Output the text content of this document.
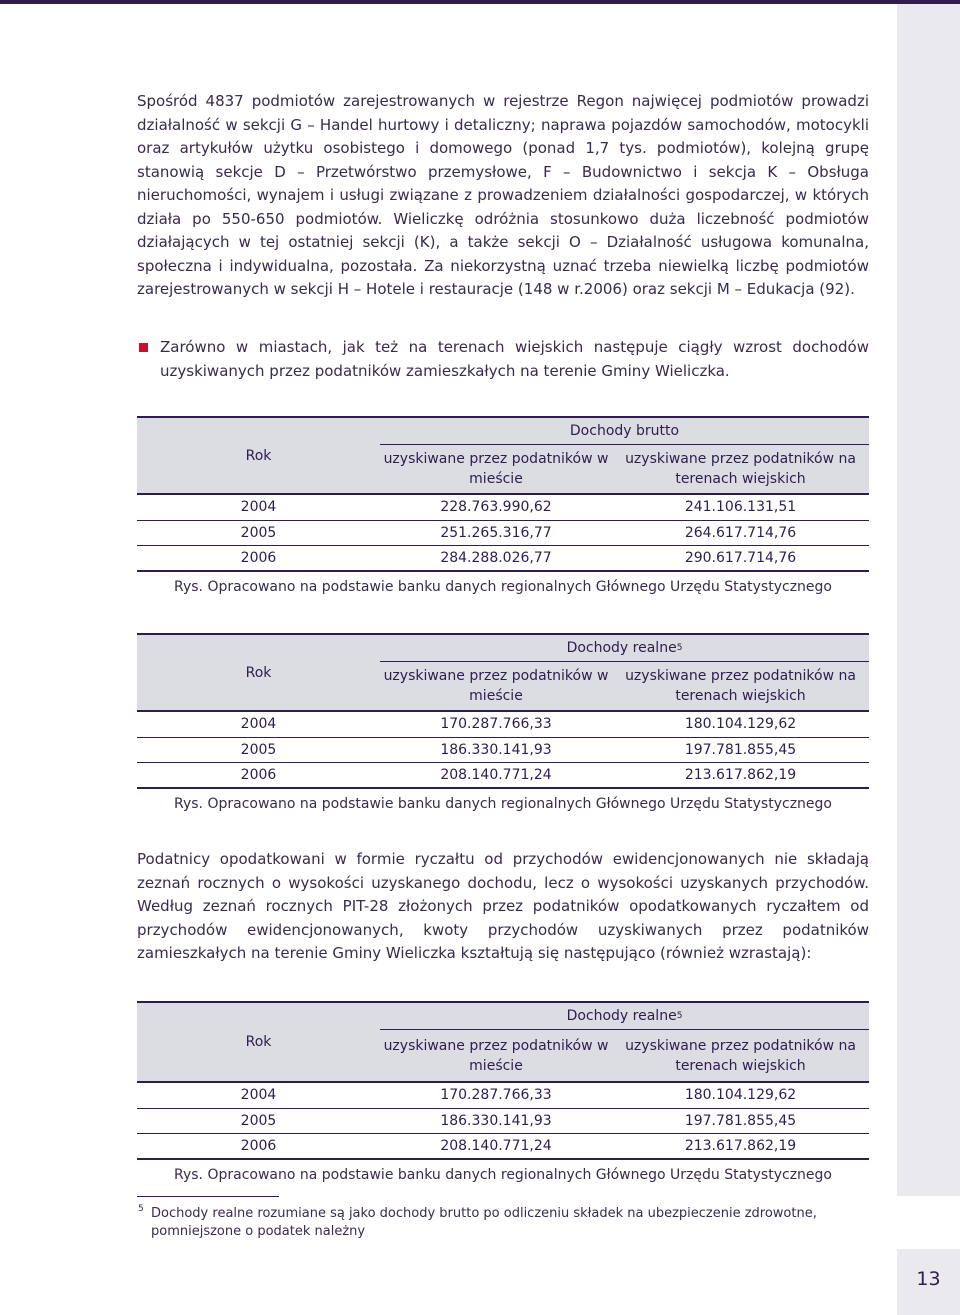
13

Spośród 4837 podmiotów zarejestrowanych w rejestrze Regon najwięcej podmiotów prowadzi działalność w sekcji G – Handel hurtowy i detaliczny; naprawa pojazdów samochodów, motocykli oraz artykułów użytku osobistego i domowego (ponad 1,7 tys. podmiotów), kolejną grupę stanowią sekcje D – Przetwórstwo przemysłowe, F – Budownictwo i sekcja K – Obsługa nieruchomości, wynajem i usługi związane z prowadzeniem działalności gospodarczej, w których działa po 550-650 podmiotów. Wieliczkę odróżnia stosunkowo duża liczebność podmiotów działających w tej ostatniej sekcji (K), a także sekcji O – Działalność usługowa komunalna, społeczna i indywidualna, pozostała. Za niekorzystną uznać trzeba niewielką liczbę podmiotów zarejestrowanych w sekcji H – Hotele i restauracje (148 w r.2006) oraz sekcji M – Edukacja (92).

Zarówno w miastach, jak też na terenach wiejskich następuje ciągły wzrost dochodów uzyskiwanych przez podatników zamieszkałych na terenie Gminy Wieliczka.

Rok
Dochody brutto
uzyskiwane przez podatników w mieście
uzyskiwane przez podatników na terenach wiejskich
2004	228.763.990,62	241.106.131,51
2005	251.265.316,77	264.617.714,76
2006	284.288.026,77	290.617.714,76
Rys. Opracowano na podstawie banku danych regionalnych Głównego Urzędu Statystycznego
Rok
Dochody realne 5
uzyskiwane przez podatników w mieście
uzyskiwane przez podatników na terenach wiejskich
2004	170.287.766,33	180.104.129,62
2005	186.330.141,93	197.781.855,45
2006	208.140.771,24	213.617.862,19
Rys. Opracowano na podstawie banku danych regionalnych Głównego Urzędu Statystycznego

Podatnicy opodatkowani w formie ryczałtu od przychodów ewidencjonowanych nie składają zeznań rocznych o wysokości uzyskanego dochodu, lecz o wysokości uzyskanych przychodów. Według zeznań rocznych PIT-28 złożonych przez podatników opodatkowanych ryczałtem od przychodów ewidencjonowanych, kwoty przychodów uzyskiwanych przez podatników zamieszkałych na terenie Gminy Wieliczka kształtują się następująco (również wzrastają):

Rok
Dochody realne 5
uzyskiwane przez podatników w mieście
uzyskiwane przez podatników na terenach wiejskich
2004	170.287.766,33	180.104.129,62
2005	186.330.141,93	197.781.855,45
2006	208.140.771,24	213.617.862,19
Rys. Opracowano na podstawie banku danych regionalnych Głównego Urzędu Statystycznego
5 Dochody realne rozumiane są jako dochody brutto po odliczeniu składek na ubezpieczenie zdrowotne, pomniejszone o podatek należny
